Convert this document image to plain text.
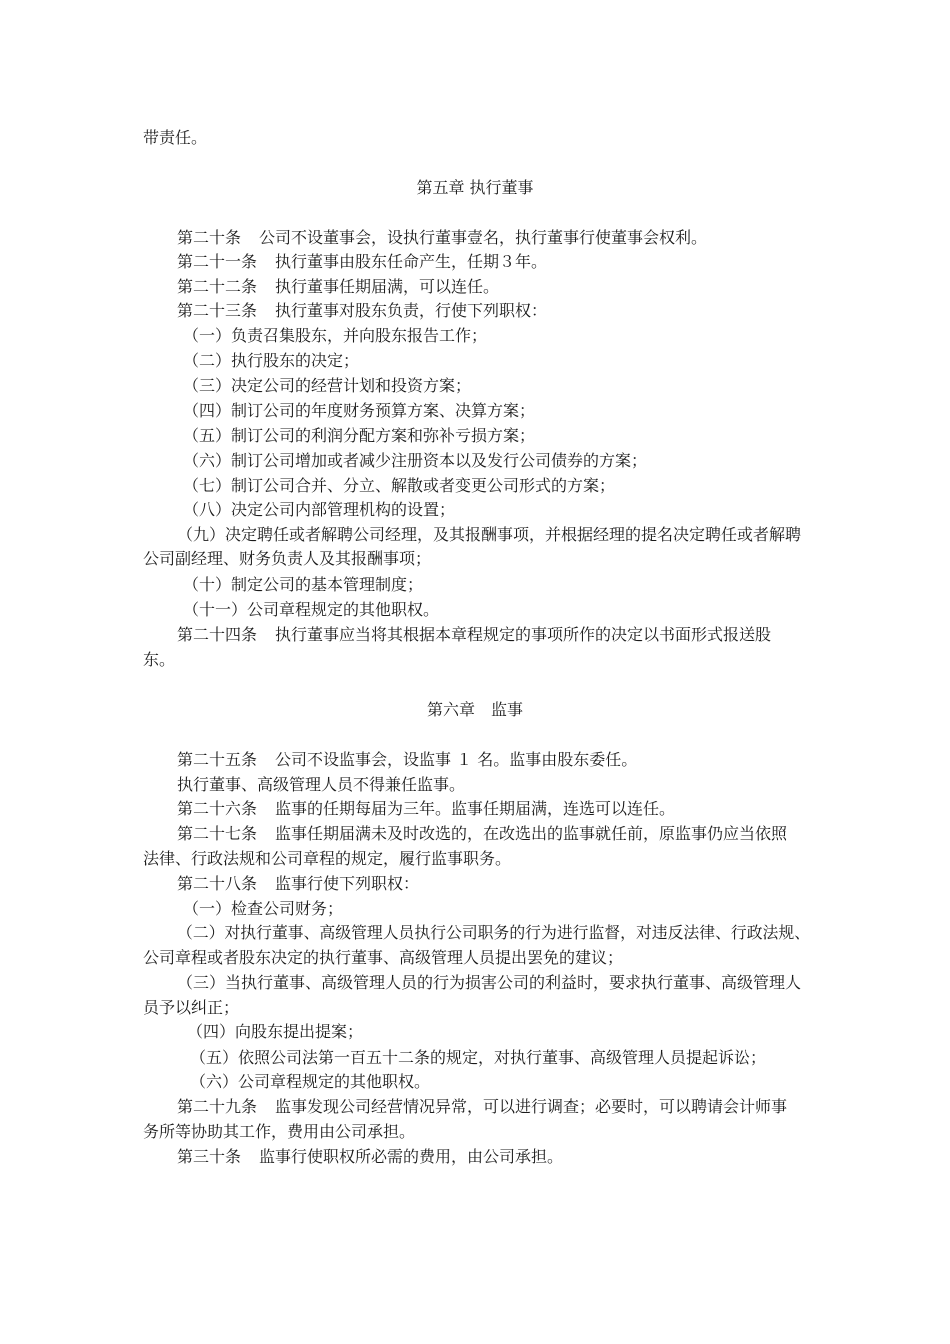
带责任。
第五章 执行董事
第二十条 公司不设董事会，设执行董事壹名，执行董事行使董事会权利。
第二十一条 执行董事由股东任命产生，任期３年。
第二十二条 执行董事任期届满，可以连任。
第二十三条 执行董事对股东负责，行使下列职权：
（一）负责召集股东，并向股东报告工作；
（二）执行股东的决定；
（三）决定公司的经营计划和投资方案；
（四）制订公司的年度财务预算方案、决算方案；
（五）制订公司的利润分配方案和弥补亏损方案；
（六）制订公司增加或者减少注册资本以及发行公司债券的方案；
（七）制订公司合并、分立、解散或者变更公司形式的方案；
（八）决定公司内部管理机构的设置；
（九）决定聘任或者解聘公司经理，及其报酬事项，并根据经理的提名决定聘任或者解聘
公司副经理、财务负责人及其报酬事项；
（十）制定公司的基本管理制度；
（十一）公司章程规定的其他职权。
第二十四条 执行董事应当将其根据本章程规定的事项所作的决定以书面形式报送股
东。
第六章　监事
第二十五条 公司不设监事会，设监事 １ 名。监事由股东委任。
执行董事、高级管理人员不得兼任监事。
第二十六条 监事的任期每届为三年。监事任期届满，连选可以连任。
第二十七条 监事任期届满未及时改选的，在改选出的监事就任前，原监事仍应当依照
法律、行政法规和公司章程的规定，履行监事职务。
第二十八条 监事行使下列职权：
（一）检查公司财务；
（二）对执行董事、高级管理人员执行公司职务的行为进行监督，对违反法律、行政法规、
公司章程或者股东决定的执行董事、高级管理人员提出罢免的建议；
（三）当执行董事、高级管理人员的行为损害公司的利益时，要求执行董事、高级管理人
员予以纠正；
（四）向股东提出提案；
（五）依照公司法第一百五十二条的规定，对执行董事、高级管理人员提起诉讼；
（六）公司章程规定的其他职权。
第二十九条 监事发现公司经营情况异常，可以进行调查；必要时，可以聘请会计师事
务所等协助其工作，费用由公司承担。
第三十条 监事行使职权所必需的费用，由公司承担。
